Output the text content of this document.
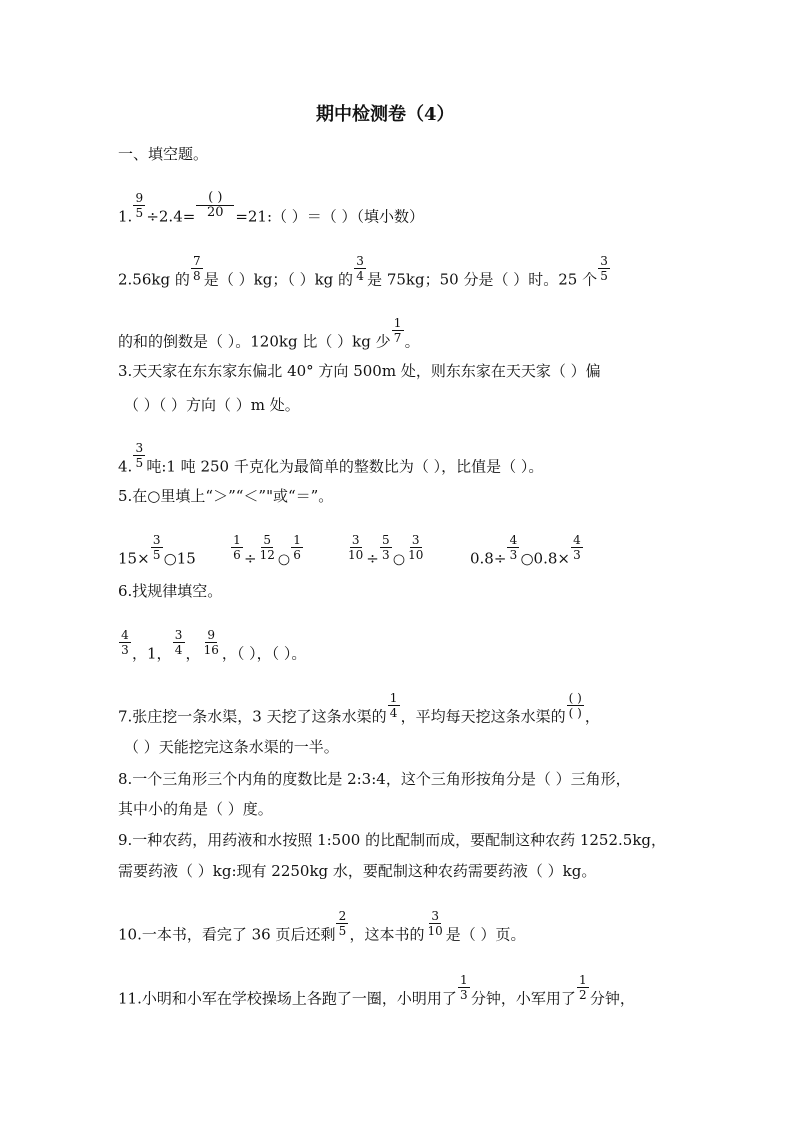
期中检测卷（4）
一、填空题。
1. $\frac{9}{5} \div 2.4= \frac{( )}{20}$ =21:（ ）＝（ ）（填小数）
2.56kg 的 $\frac{7}{8}$ 是（ ）kg；（ ）kg 的 $\frac{3}{4}$ 是 75kg；50 分是（ ）时。25 个 $\frac{3}{5}$
的和的倒数是（ ）。120kg 比（ ）kg 少 $\frac{1}{7}$ 。
3.天天家在东东家东偏北 40° 方向 500m 处，则东东家在天天家（ ）偏
（ ）（ ）方向（ ）m 处。
4. $\frac{3}{5}$ 吨:1 吨 250 千克化为最简单的整数比为（ ），比值是（ ）。
5.在○里填上“＞”“＜”"或“＝”。
$15\times \frac{3}{5}$ ○15	$\frac{1}{6} \div \frac{5}{12}$ ○ $\frac{1}{6}$	$\frac{3}{10} \div \frac{5}{3}$ ○ $\frac{3}{10}$	$0.8\div \frac{4}{3}$ ○0.8× $\frac{4}{3}$
6.找规律填空。
$\frac{4}{3}$ ，1， $\frac{3}{4}$ ， $\frac{9}{16}$ ，（ ），（ ）。
7.张庄挖一条水渠，3 天挖了这条水渠的 $\frac{1}{4}$ ，平均每天挖这条水渠的 $\frac{( )}{( )}$ ，
（ ）天能挖完这条水渠的一半。
8.一个三角形三个内角的度数比是 2:3:4，这个三角形按角分是（ ）三角形，
其中小的角是（ ）度。
9.一种农药，用药液和水按照 1:500 的比配制而成，要配制这种农药 1252.5kg，
需要药液（ ）kg:现有 2250kg 水，要配制这种农药需要药液（ ）kg。
10.一本书，看完了 36 页后还剩 $\frac{2}{5}$ ，这本书的 $\frac{3}{10}$ 是（ ）页。
11.小明和小军在学校操场上各跑了一圈，小明用了 $\frac{1}{3}$ 分钟，小军用了 $\frac{1}{2}$ 分钟，
